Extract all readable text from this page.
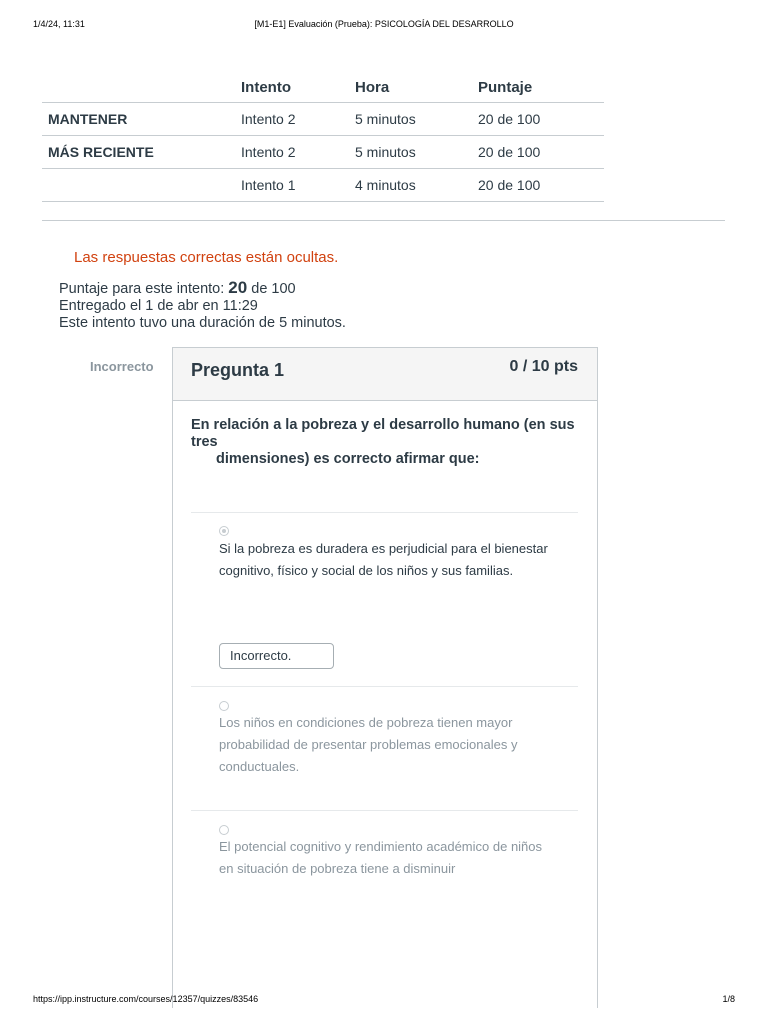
1/4/24, 11:31	[M1-E1] Evaluación (Prueba): PSICOLOGÍA DEL DESARROLLO
	Intento	Hora	Puntaje
MANTENER	Intento 2	5 minutos	20 de 100
MÁS RECIENTE	Intento 2	5 minutos	20 de 100
	Intento 1	4 minutos	20 de 100
Las respuestas correctas están ocultas.
Puntaje para este intento: 20 de 100
Entregado el 1 de abr en 11:29
Este intento tuvo una duración de 5 minutos.
Incorrecto Pregunta 1	0 / 10 pts
En relación a la pobreza y el desarrollo humano (en sus tres
dimensiones) es correcto afirmar que:
Si la pobreza es duradera es perjudicial para el bienestar cognitivo, físico y social de los niños y sus familias.
Incorrecto.
Los niños en condiciones de pobreza tienen mayor probabilidad de presentar problemas emocionales y conductuales.
El potencial cognitivo y rendimiento académico de niños en situación de pobreza tiene a disminuir
https://ipp.instructure.com/courses/12357/quizzes/83546	1/8
